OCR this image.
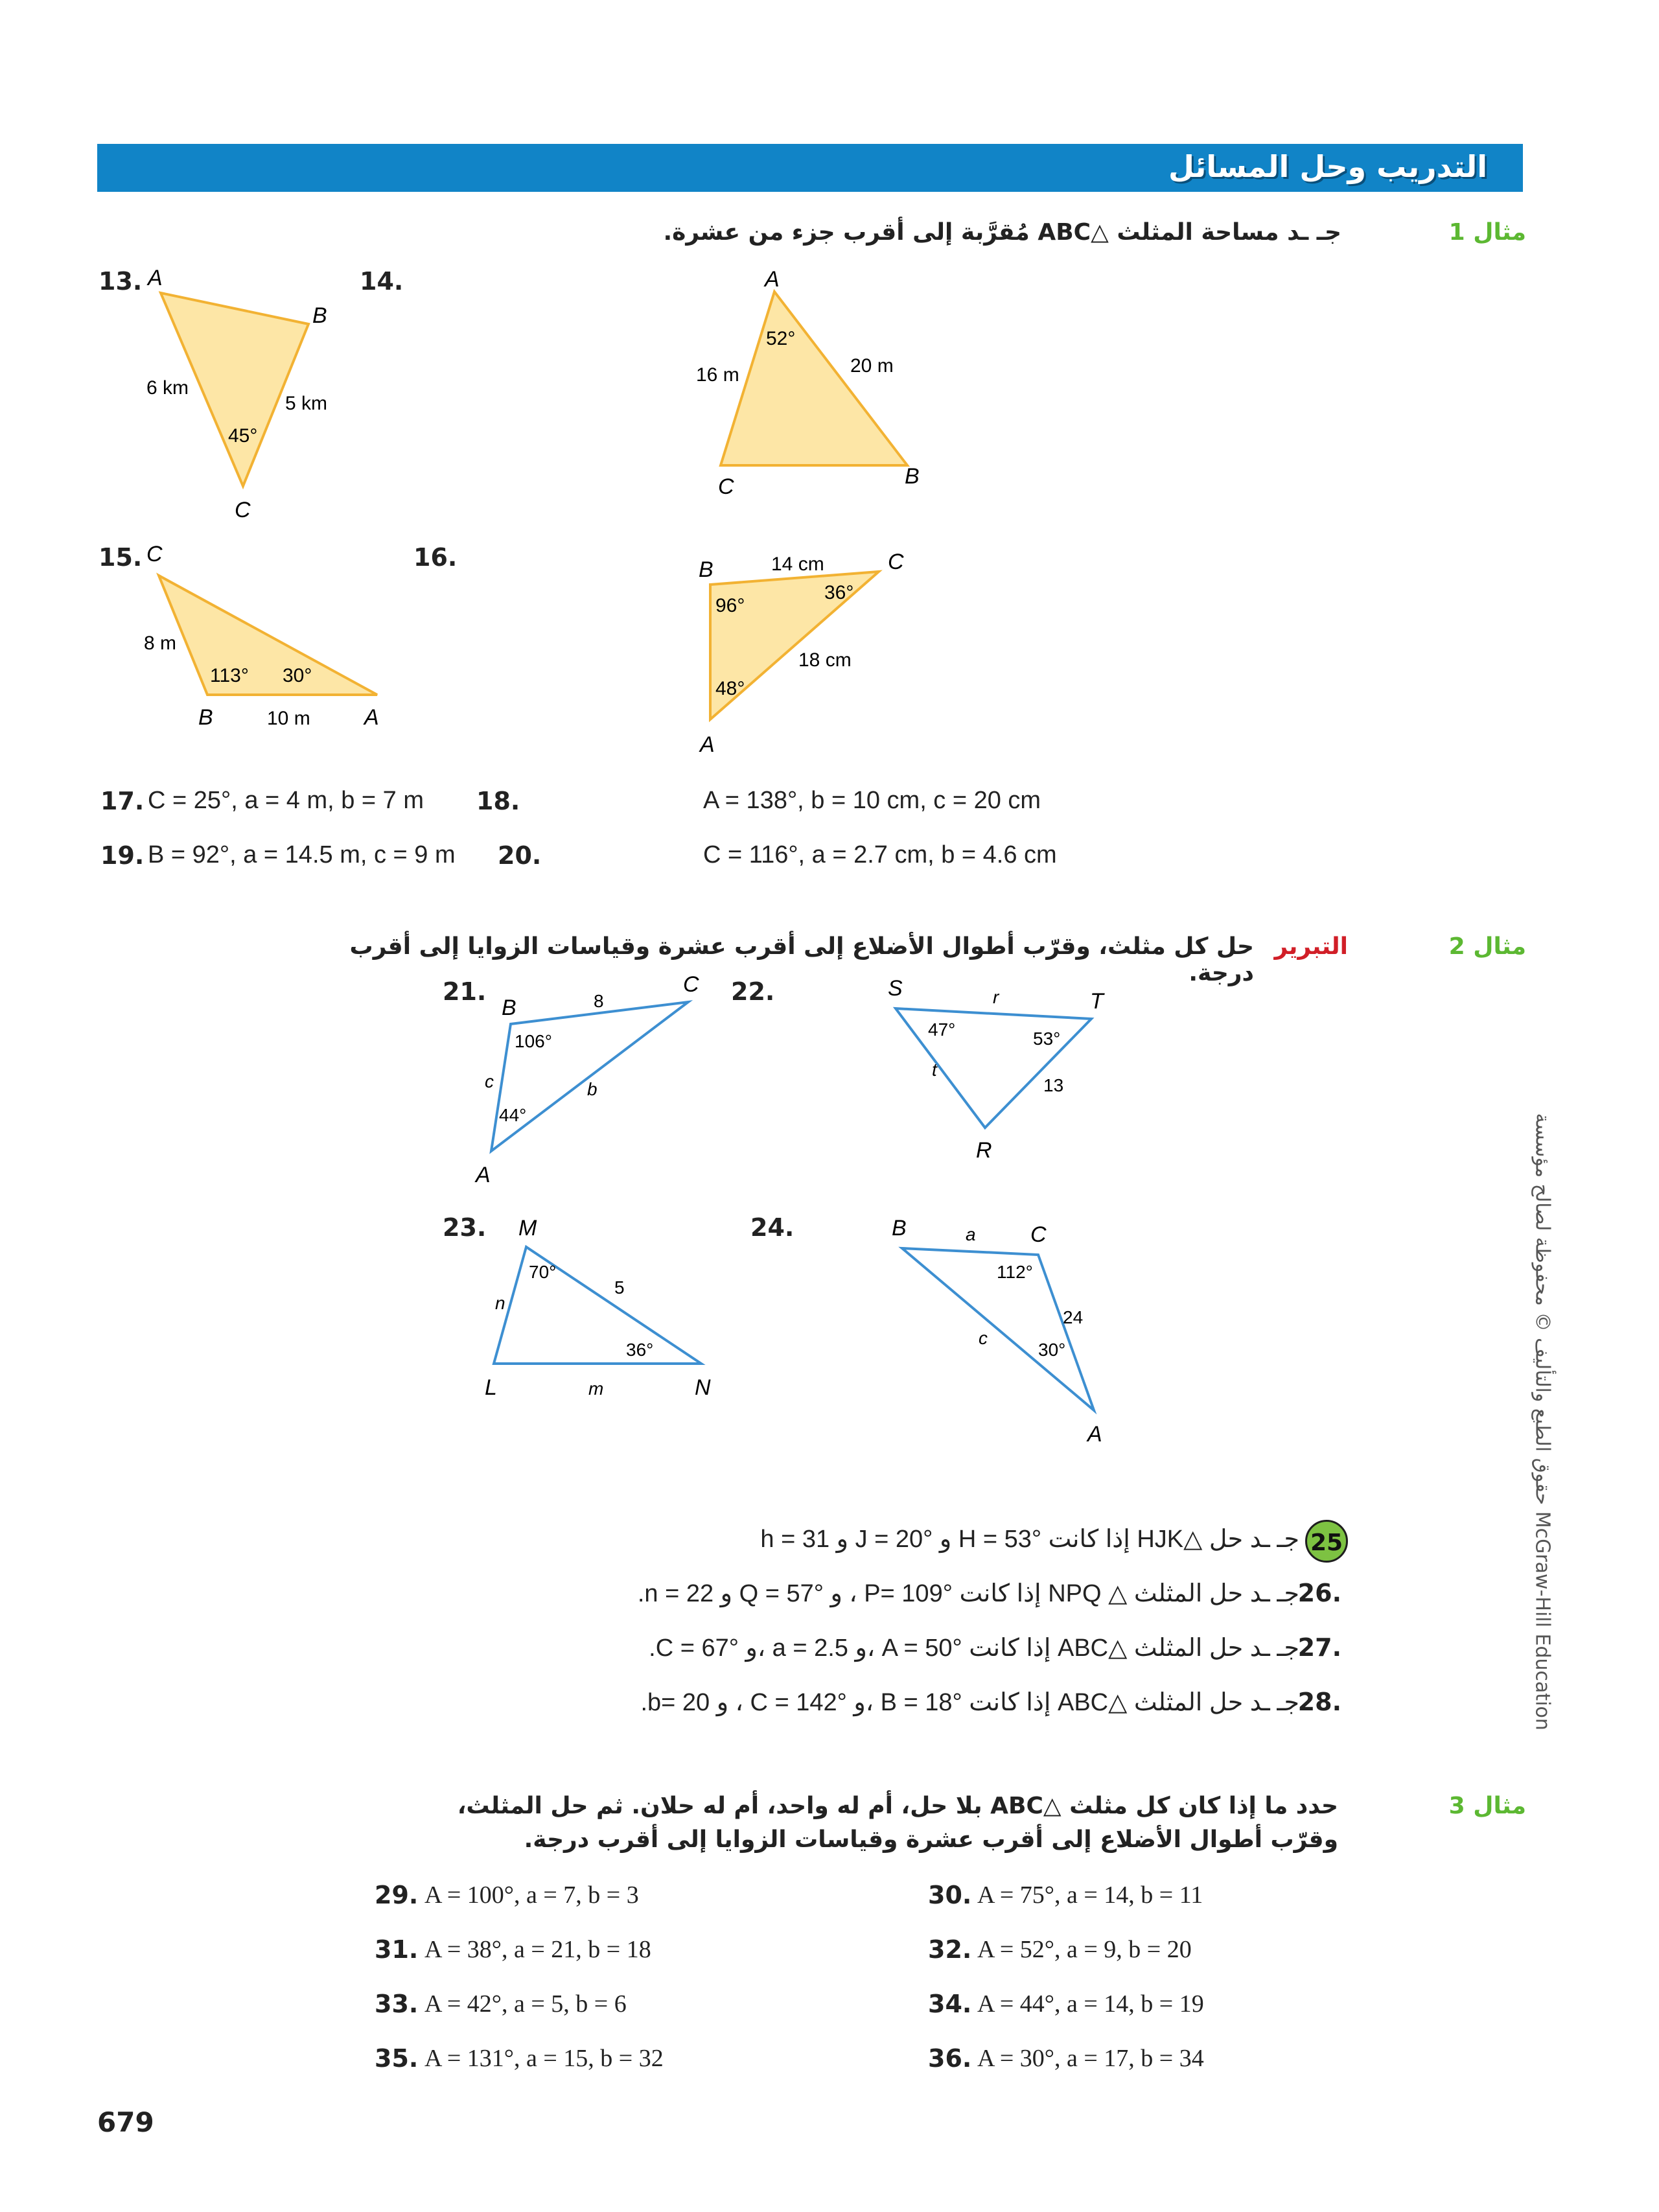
التدريب وحل المسائل
مثال 1
جـ ـد مساحة المثلث △ABC مُقرَّبة إلى أقرب جزء من عشرة.
13. A
B
C
6 km
5 km
45°
14.	A
C	B
16 m	20 m
52°
15. C
B	A
8 m
10 m
113° 30°
16.	B	C
A
14 cm
18 cm
96°
36°
48°
17. C = 25°, a = 4 m, b = 7 m 18.	A = 138°, b = 10 cm, c = 20 cm
19. B = 92°, a = 14.5 m, c = 9 m 20.	C = 116°, a = 2.7 cm, b = 4.6 cm
مثال 2
التبرير
حل كل مثلث، وقرّب أطوال الأضلاع إلى أقرب عشرة وقياسات الزوايا إلى أقرب درجة.
21.
B
C
A
8
b
c
106°
44°
22.	S
T
R
r
t
13
47°	53°
23. M
L	N
n
m
5
70°
36°
24.	B	C
A
a
c
24
112°
30°
25
جـ ـد حل △HJK إذا كانت H = 53° و J = 20° و h = 31
.26
جـ ـد حل المثلث △ NPQ إذا كانت P= 109° ، و Q = 57° و n = 22.
.27
جـ ـد حل المثلث △ABC إذا كانت A = 50° ،و a = 2.5 ،و C = 67°.
.28
جـ ـد حل المثلث △ABC إذا كانت B = 18° ،و C = 142° ، و b= 20.
مثال 3
حدد ما إذا كان كل مثلث △ABC بلا حل، أم له واحد، أم له حلان. ثم حل المثلث،
وقرّب أطوال الأضلاع إلى أقرب عشرة وقياسات الزوايا إلى أقرب درجة.
29. A = 100°, a = 7, b = 3	30. A = 75°, a = 14, b = 11
31. A = 38°, a = 21, b = 18	32. A = 52°, a = 9, b = 20
33. A = 42°, a = 5, b = 6	34. A = 44°, a = 14, b = 19
35. A = 131°, a = 15, b = 32	36. A = 30°, a = 17, b = 34
679
حقوق الطبع والتأليف © محفوظة لصالح مؤسسة McGraw-Hill Education
